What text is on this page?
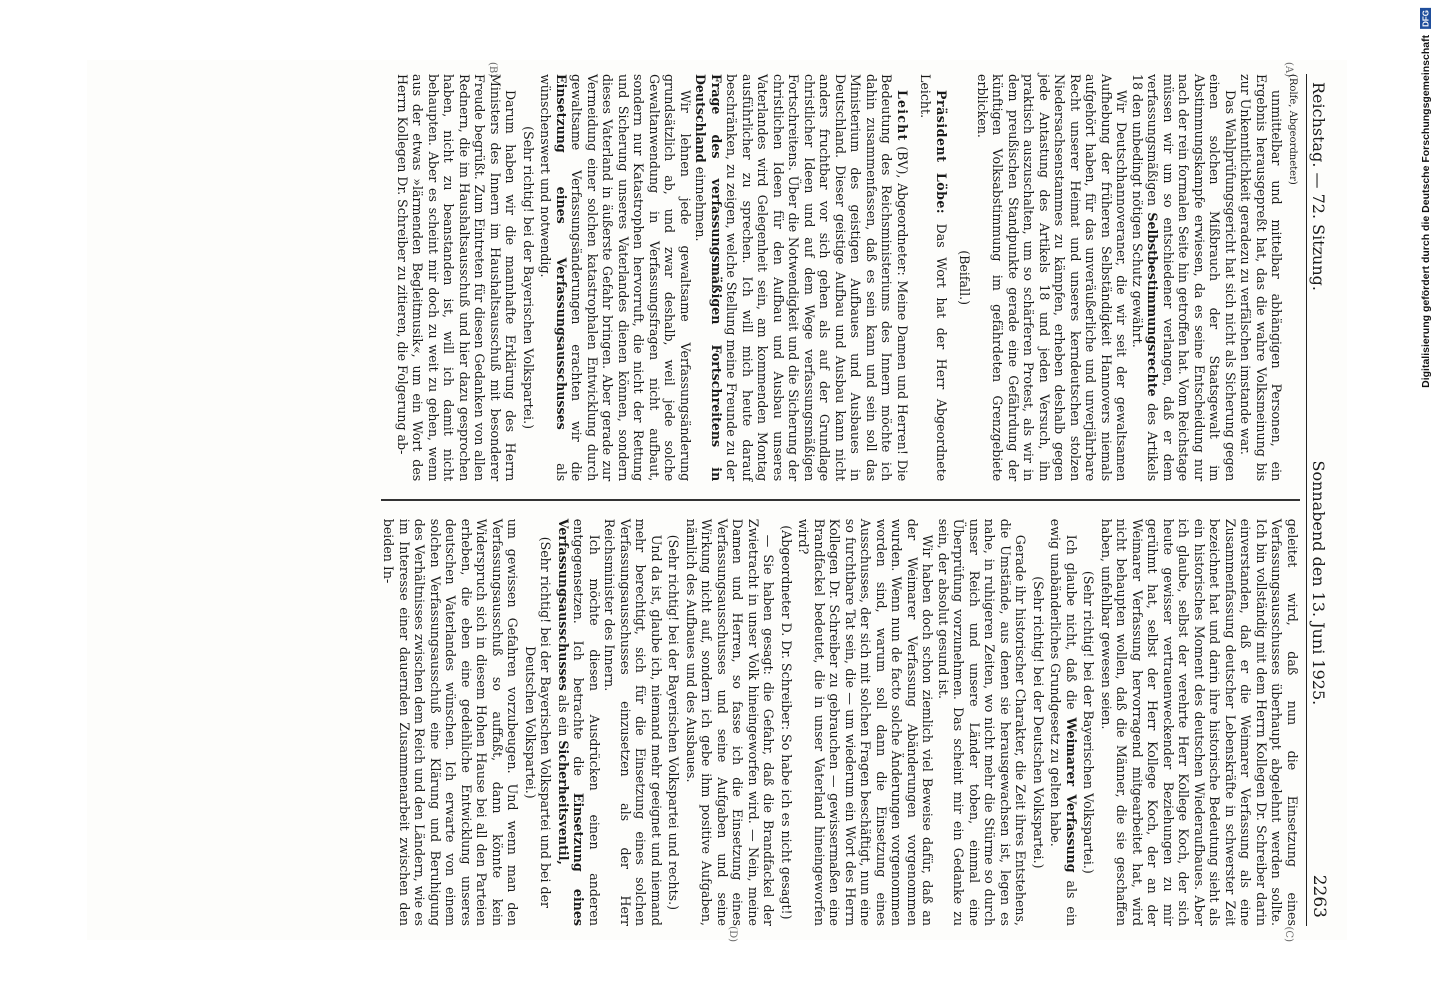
Reichstag. — 72. Sitzung.
Sonnabend den 13. Juni 1925.
2263
(A)
(B)
(C)
(D)

(Rolfe, Abgeordneter)

unmittelbar und mittelbar abhängigen Personen, ein Ergebnis herausgepreßt hat, das die wahre Volksmeinung bis zur Unkenntlichkeit geradezu zu verfälschen imstande war.

Das Wahlprüfungsgericht hat sich nicht als Sicherung gegen einen solchen Mißbrauch der Staatsgewalt im Abstimmungskampfe erwiesen, da es seine Entscheidung nur nach der rein formalen Seite hin getroffen hat. Vom Reichstage müssen wir um so entschiedener verlangen, daß er dem verfassungsmäßigen Selbstbestimmungsrechte des Artikels 18 den unbedingt nötigen Schutz gewährt.

Wir Deutschhannoveraner, die wir seit der gewaltsamen Aufhebung der früheren Selbständigkeit Hannovers niemals aufgehört haben, für das unveräußerliche und unverjährbare Recht unserer Heimat und unseres kerndeutschen stolzen Niedersachsenstammes zu kämpfen, erheben deshalb gegen jede Antastung des Artikels 18 und jeden Versuch, ihn praktisch auszuschalten, um so schärferen Protest, als wir in dem preußischen Standpunkte gerade eine Gefährdung der künftigen Volksabstimmung im gefährdeten Grenzgebiete erblicken.

(Beifall.)

Präsident Löbe: Das Wort hat der Herr Abgeordnete Leicht.

Leicht (BV), Abgeordneter: Meine Damen und Herren! Die Bedeutung des Reichsministeriums des Innern möchte ich dahin zusammenfassen, daß es sein kann und sein soll das Ministerium des geistigen Aufbaues und Ausbaues in Deutschland. Dieser geistige Aufbau und Ausbau kann nicht anders fruchtbar vor sich gehen als auf der Grundlage christlicher Ideen und auf dem Wege verfassungsmäßigen Fortschreitens. Über die Notwendigkeit und die Sicherung der christlichen Ideen für den Aufbau und Ausbau unseres Vaterlandes wird Gelegenheit sein, am kommenden Montag ausführlicher zu sprechen. Ich will mich heute darauf beschränken, zu zeigen, welche Stellung meine Freunde zu der Frage des verfassungsmäßigen Fortschreitens in Deutschland einnehmen.

Wir lehnen jede gewaltsame Verfassungsänderung grundsätzlich ab, und zwar deshalb, weil jede solche Gewaltanwendung in Verfassungsfragen nicht aufbaut, sondern nur Katastrophen hervorruft, die nicht der Rettung und Sicherung unseres Vaterlandes dienen können, sondern dieses Vaterland in äußerste Gefahr bringen. Aber gerade zur Vermeidung einer solchen katastrophalen Entwicklung durch gewaltsame Verfassungsänderungen erachten wir die Einsetzung eines Verfassungsausschusses als wünschenswert und notwendig.

(Sehr richtig! bei der Bayerischen Volkspartei.)

Darum haben wir die mannhafte Erklärung des Herrn Ministers des Innern im Haushaltsausschuß mit besonderer Freude begrüßt. Zum Eintreten für diesen Gedanken von allen Rednern, die im Haushaltsausschuß und hier dazu gesprochen haben, nicht zu beanstanden ist, will ich damit nicht behaupten. Aber es scheint mir doch zu weit zu gehen, wenn aus der etwas »lärmenden Begleitmusik«, um ein Wort des Herrn Kollegen Dr. Schreiber zu zitieren, die Folgerung ab-

geleitet wird, daß nun die Einsetzung eines Verfassungsausschusses überhaupt abgelehnt werden sollte. Ich bin vollständig mit dem Herrn Kollegen Dr. Schreiber darin einverstanden, daß er die Weimarer Verfassung als eine Zusammenfassung deutscher Lebenskräfte in schwerster Zeit bezeichnet hat und darin ihre historische Bedeutung sieht als ein historisches Moment des deutschen Wiederaufbaues. Aber ich glaube, selbst der verehrte Herr Kollege Koch, der sich heute gewisser vertrauenweckender Beziehungen zu mir gerühmt hat, selbst der Herr Kollege Koch, der an der Weimarer Verfassung hervorragend mitgearbeitet hat, wird nicht behaupten wollen, daß die Männer, die sie geschaffen haben, unfehlbar gewesen seien.

(Sehr richtig! bei der Bayerischen Volkspartei.)

Ich glaube nicht, daß die Weimarer Verfassung als ein ewig unabänderliches Grundgesetz zu gelten habe.

(Sehr richtig! bei der Deutschen Volkspartei.)

Gerade ihr historischer Charakter, die Zeit ihres Entstehens, die Umstände, aus denen sie herausgewachsen ist, legen es nahe, in ruhigeren Zeiten, wo nicht mehr die Stürme so durch unser Reich und unsere Länder toben, einmal eine Überprüfung vorzunehmen. Das scheint mir ein Gedanke zu sein, der absolut gesund ist.

Wir haben doch schon ziemlich viel Beweise dafür, daß an der Weimarer Verfassung Abänderungen vorgenommen wurden. Wenn nun de facto solche Änderungen vorgenommen worden sind, warum soll dann die Einsetzung eines Ausschusses, der sich mit solchen Fragen beschäftigt, nun eine so furchtbare Tat sein, die — um wiederum ein Wort des Herrn Kollegen Dr. Schreiber zu gebrauchen — gewissermaßen eine Brandfackel bedeutet, die in unser Vaterland hineingeworfen wird?

(Abgeordneter D. Dr. Schreiber: So habe ich es nicht gesagt!)

— Sie haben gesagt: die Gefahr, daß die Brandfackel der Zwietracht in unser Volk hineingeworfen wird. — Nein, meine Damen und Herren, so fasse ich die Einsetzung eines Verfassungsausschusses und seine Aufgaben und seine Wirkung nicht auf, sondern ich gebe ihm positive Aufgaben, nämlich des Aufbaues und des Ausbaues.

(Sehr richtig! bei der Bayerischen Volkspartei und rechts.)

Und da ist, glaube ich, niemand mehr geeignet und niemand mehr berechtigt, sich für die Einsetzung eines solchen Verfassungsausschusses einzusetzen als der Herr Reichsminister des Innern.

Ich möchte diesen Ausdrücken einen anderen entgegensetzen. Ich betrachte die Einsetzung eines Verfassungsausschusses als ein Sicherheitsventil,

(Sehr richtig! bei der Bayerischen Volkspartei und bei der Deutschen Volkspartei.)

um gewissen Gefahren vorzubeugen. Und wenn man den Verfassungsausschuß so auffaßt, dann könnte kein Widerspruch sich in diesem Hohen Hause bei all den Parteien erheben, die eben eine gedeihliche Entwicklung unseres deutschen Vaterlandes wünschen. Ich erwarte von einem solchen Verfassungsausschuß eine Klärung und Beruhigung des Verhältnisses zwischen dem Reich und den Ländern, wie es im Interesse einer dauernden Zusammenarbeit zwischen den beiden In-

Digitalisierung gefördert durch die Deutsche Forschungsgemeinschaft
DFG
